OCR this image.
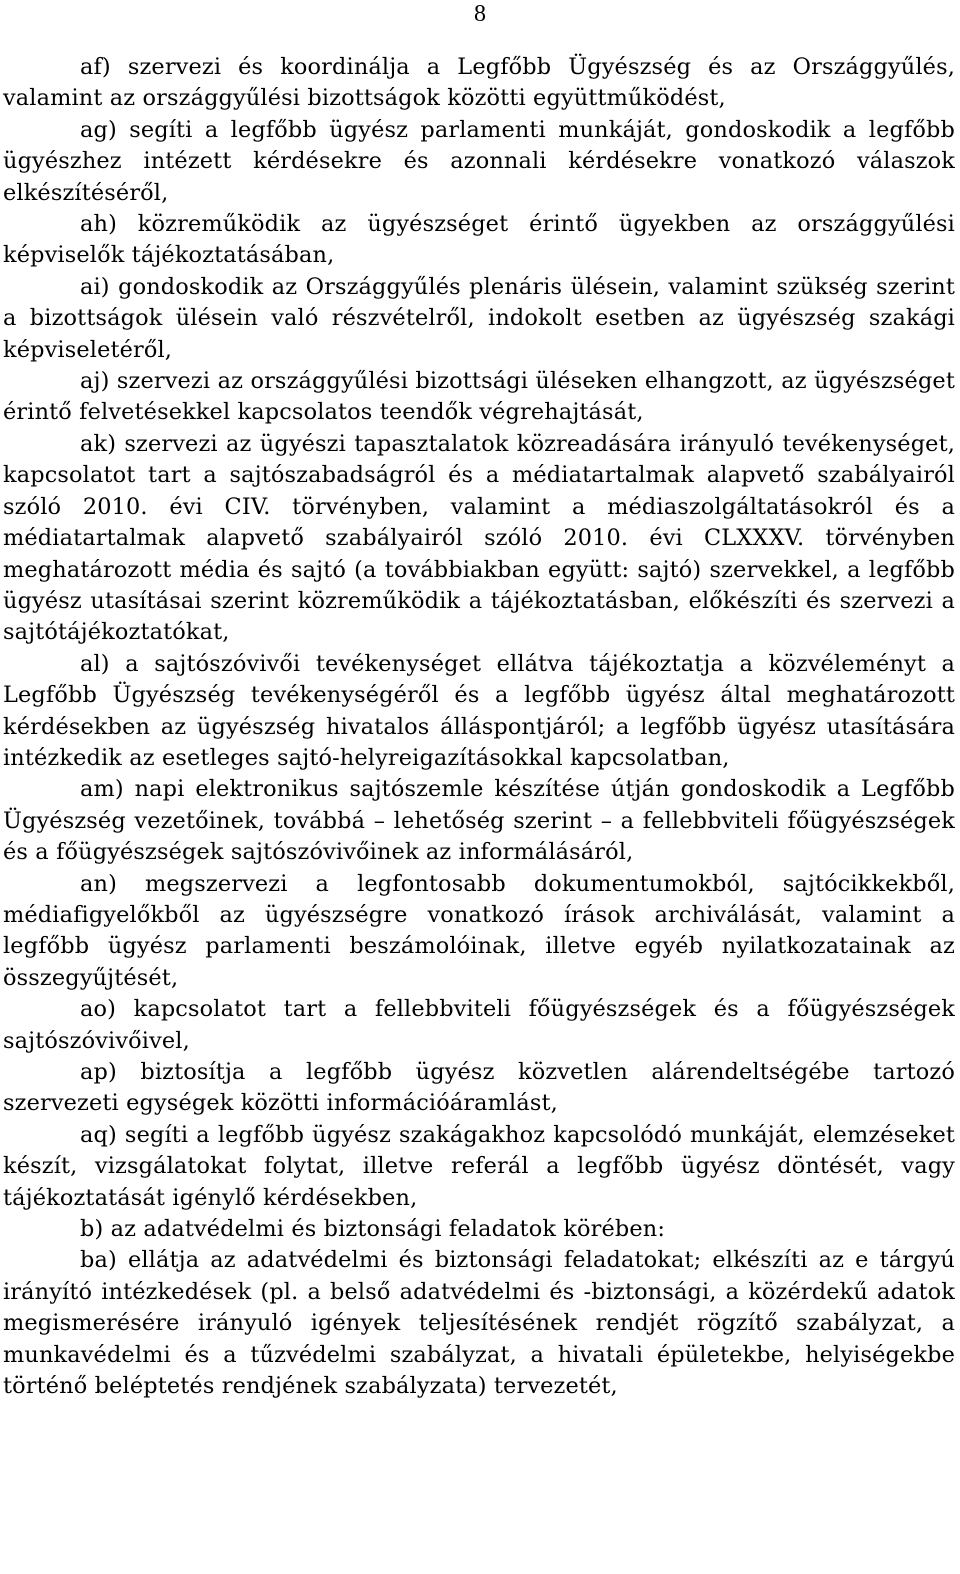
8

af) szervezi és koordinálja a Legfőbb Ügyészség és az Országgyűlés, valamint az országgyűlési bizottságok közötti együttműködést,

ag) segíti a legfőbb ügyész parlamenti munkáját, gondoskodik a legfőbb ügyészhez intézett kérdésekre és azonnali kérdésekre vonatkozó válaszok elkészítéséről,

ah) közreműködik az ügyészséget érintő ügyekben az országgyűlési képviselők tájékoztatásában,

ai) gondoskodik az Országgyűlés plenáris ülésein, valamint szükség szerint a bizottságok ülésein való részvételről, indokolt esetben az ügyészség szakági képviseletéről,

aj) szervezi az országgyűlési bizottsági üléseken elhangzott, az ügyészséget érintő felvetésekkel kapcsolatos teendők végrehajtását,

ak) szervezi az ügyészi tapasztalatok közreadására irányuló tevékenységet, kapcsolatot tart a sajtószabadságról és a médiatartalmak alapvető szabályairól szóló 2010. évi CIV. törvényben, valamint a médiaszolgáltatásokról és a médiatartalmak alapvető szabályairól szóló 2010. évi CLXXXV. törvényben meghatározott média és sajtó (a továbbiakban együtt: sajtó) szervekkel, a legfőbb ügyész utasításai szerint közreműködik a tájékoztatásban, előkészíti és szervezi a sajtótájékoztatókat,

al) a sajtószóvivői tevékenységet ellátva tájékoztatja a közvéleményt a Legfőbb Ügyészség tevékenységéről és a legfőbb ügyész által meghatározott kérdésekben az ügyészség hivatalos álláspontjáról; a legfőbb ügyész utasítására intézkedik az esetleges sajtó-helyreigazításokkal kapcsolatban,

am) napi elektronikus sajtószemle készítése útján gondoskodik a Legfőbb Ügyészség vezetőinek, továbbá – lehetőség szerint – a fellebbviteli főügyészségek és a főügyészségek sajtószóvivőinek az informálásáról,

an) megszervezi a legfontosabb dokumentumokból, sajtócikkekből, médiafigyelőkből az ügyészségre vonatkozó írások archiválását, valamint a legfőbb ügyész parlamenti beszámolóinak, illetve egyéb nyilatkozatainak az összegyűjtését,

ao) kapcsolatot tart a fellebbviteli főügyészségek és a főügyészségek sajtószóvivőivel,

ap) biztosítja a legfőbb ügyész közvetlen alárendeltségébe tartozó szervezeti egységek közötti információáramlást,

aq) segíti a legfőbb ügyész szakágakhoz kapcsolódó munkáját, elemzéseket készít, vizsgálatokat folytat, illetve referál a legfőbb ügyész döntését, vagy tájékoztatását igénylő kérdésekben,

b) az adatvédelmi és biztonsági feladatok körében:

ba) ellátja az adatvédelmi és biztonsági feladatokat; elkészíti az e tárgyú irányító intézkedések (pl. a belső adatvédelmi és -biztonsági, a közérdekű adatok megismerésére irányuló igények teljesítésének rendjét rögzítő szabályzat, a munkavédelmi és a tűzvédelmi szabályzat, a hivatali épületekbe, helyiségekbe történő beléptetés rendjének szabályzata) tervezetét,
